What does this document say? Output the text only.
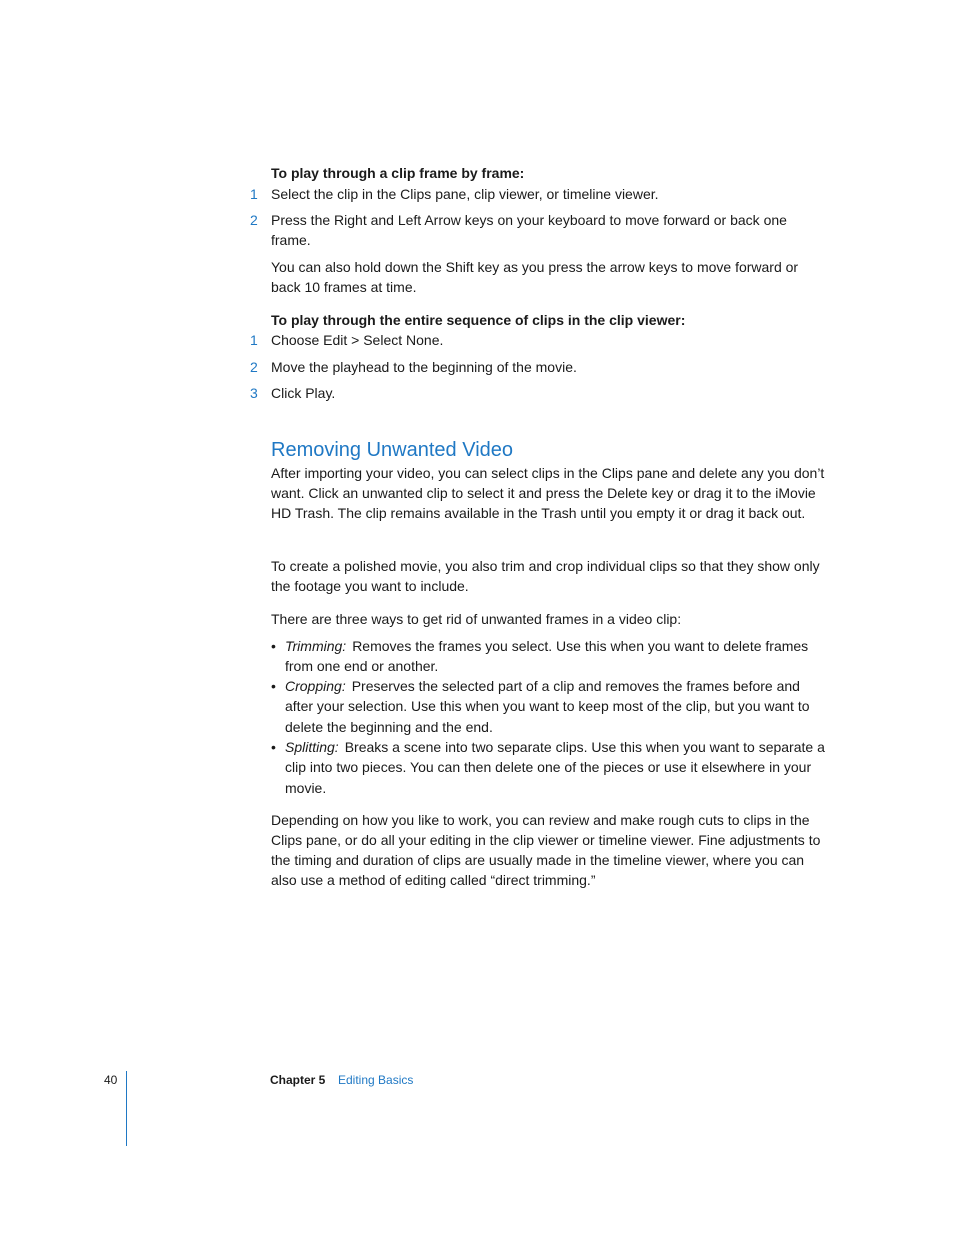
To play through a clip frame by frame:
1 Select the clip in the Clips pane, clip viewer, or timeline viewer.
2 Press the Right and Left Arrow keys on your keyboard to move forward or back one frame.
You can also hold down the Shift key as you press the arrow keys to move forward or back 10 frames at time.
To play through the entire sequence of clips in the clip viewer:
1 Choose Edit > Select None.
2 Move the playhead to the beginning of the movie.
3 Click Play.
Removing Unwanted Video
After importing your video, you can select clips in the Clips pane and delete any you don’t want. Click an unwanted clip to select it and press the Delete key or drag it to the iMovie HD Trash. The clip remains available in the Trash until you empty it or drag it back out.
To create a polished movie, you also trim and crop individual clips so that they show only the footage you want to include.
There are three ways to get rid of unwanted frames in a video clip:
• Trimming: Removes the frames you select. Use this when you want to delete frames from one end or another.
• Cropping: Preserves the selected part of a clip and removes the frames before and after your selection. Use this when you want to keep most of the clip, but you want to delete the beginning and the end.
• Splitting: Breaks a scene into two separate clips. Use this when you want to separate a clip into two pieces. You can then delete one of the pieces or use it elsewhere in your movie.
Depending on how you like to work, you can review and make rough cuts to clips in the Clips pane, or do all your editing in the clip viewer or timeline viewer. Fine adjustments to the timing and duration of clips are usually made in the timeline viewer, where you can also use a method of editing called “direct trimming.”
40	Chapter 5 Editing Basics
